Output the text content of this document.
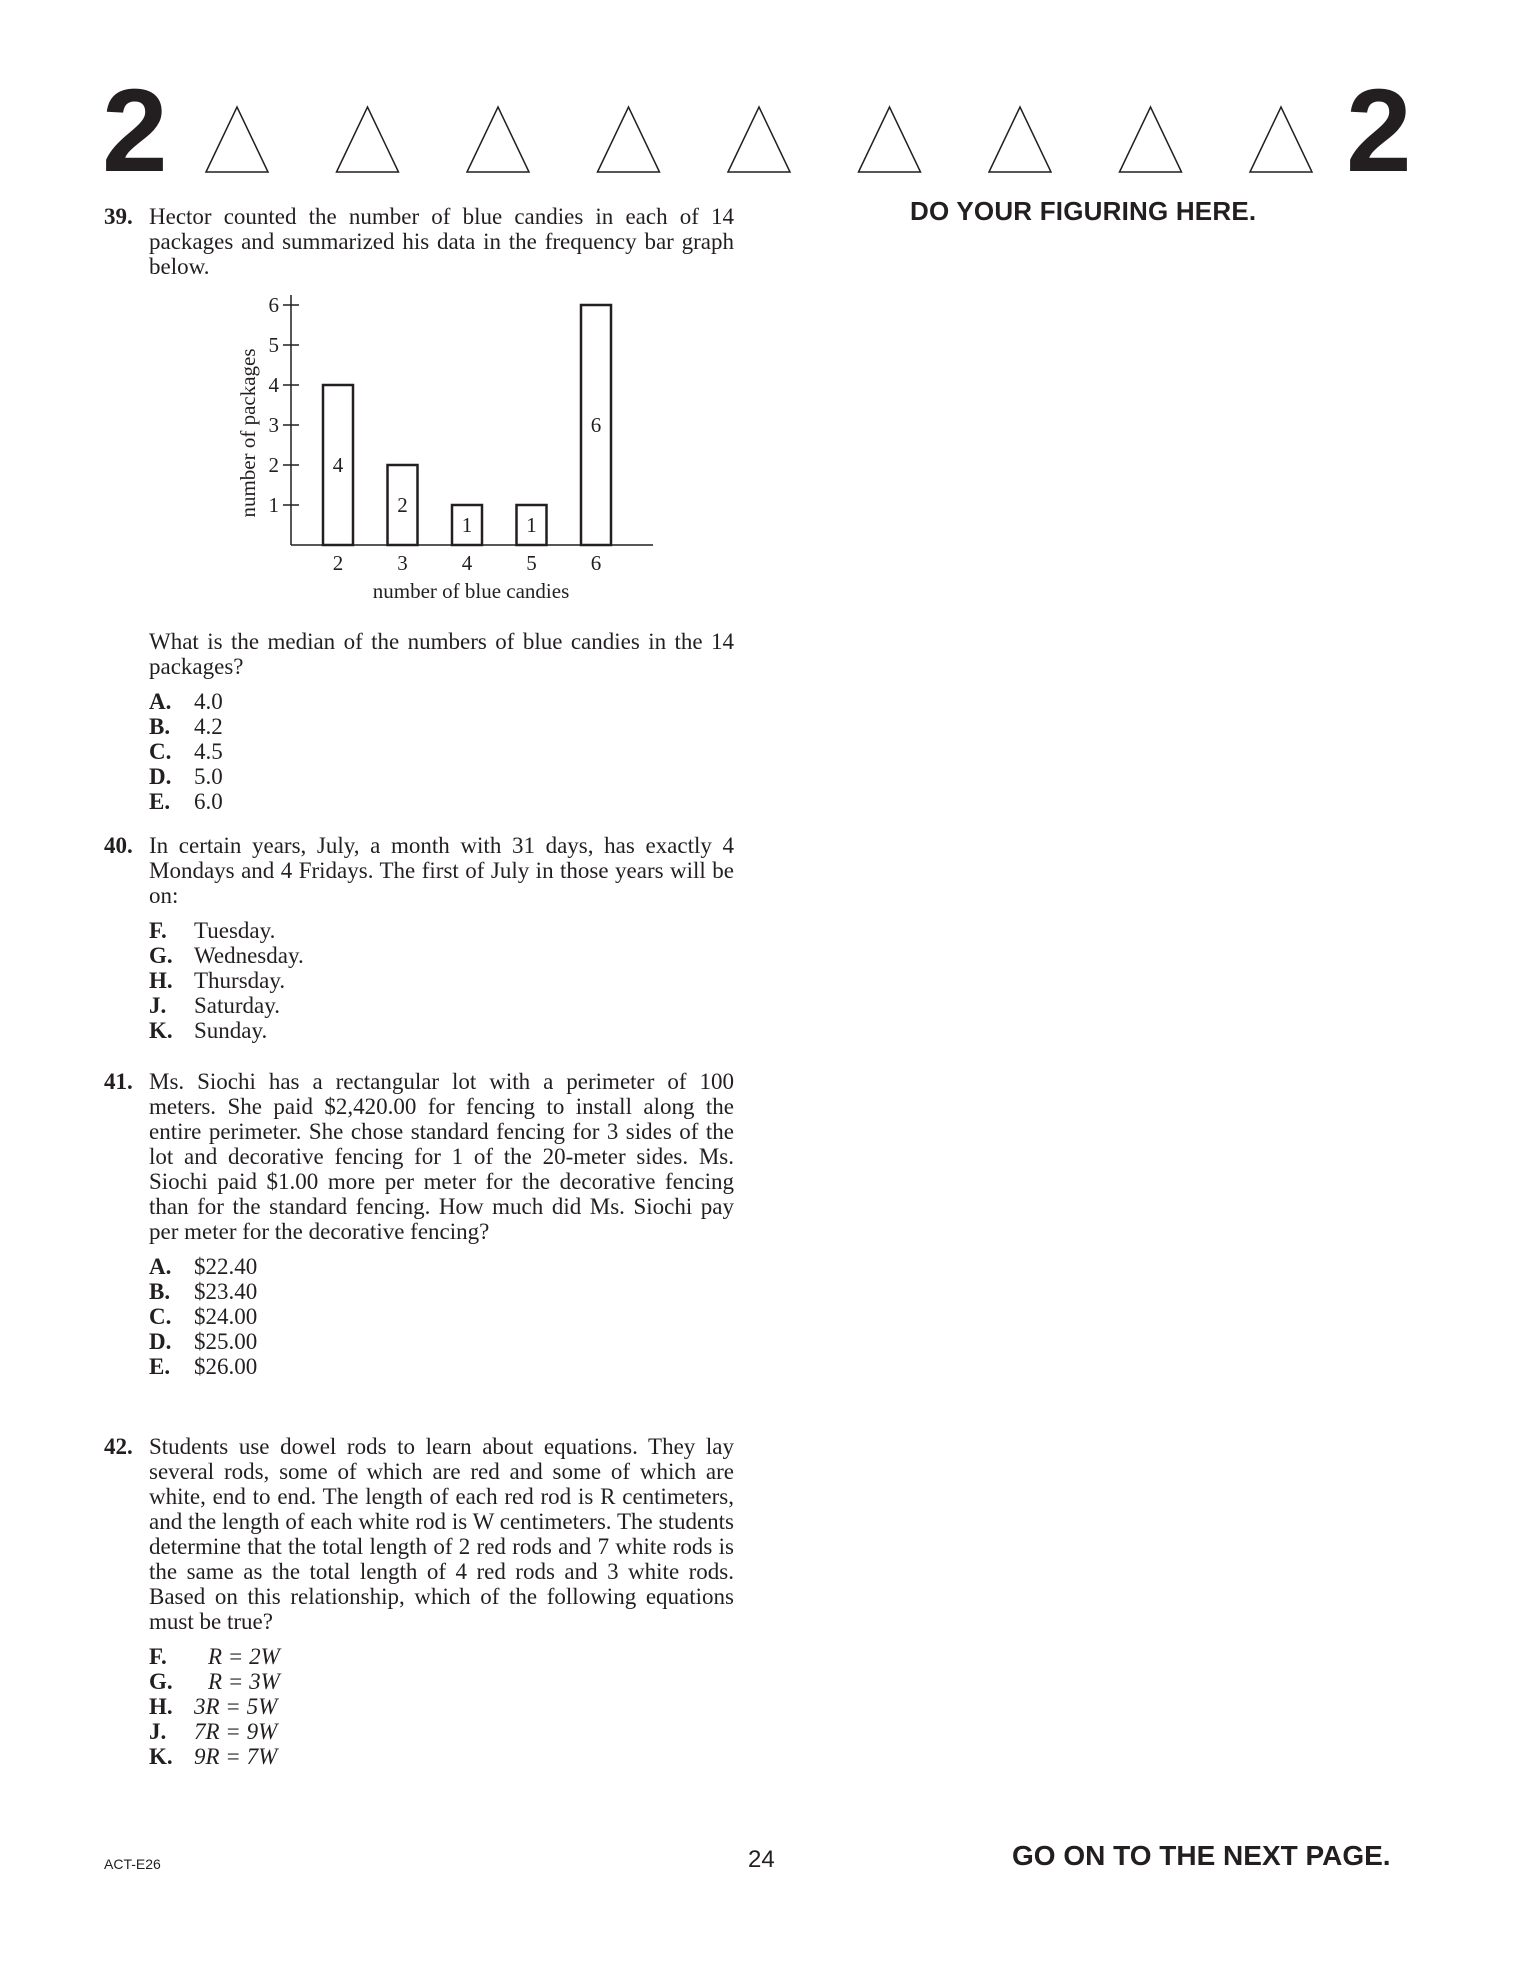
2	2
DO YOUR FIGURING HERE.
39. Hector counted the number of blue candies in each of 14 packages and summarized his data in the frequency bar graph below.

1
2
3
4
5
6
4
2
2
3
1
4
1
5
6
6
number of blue candies
number of packages
What is the median of the numbers of blue candies in the 14 packages?
A. 4.0
B. 4.2
C. 4.5
D. 5.0
E. 6.0
40. In certain years, July, a month with 31 days, has exactly 4 Mondays and 4 Fridays. The first of July in those years will be on:

F. Tuesday.
G. Wednesday.
H. Thursday.
J. Saturday.
K. Sunday.
41. Ms. Siochi has a rectangular lot with a perimeter of 100 meters. She paid $2,420.00 for fencing to install along the entire perimeter. She chose standard fencing for 3 sides of the lot and decorative fencing for 1 of the 20-meter sides. Ms. Siochi paid $1.00 more per meter for the decorative fencing than for the standard fencing. How much did Ms. Siochi pay per meter for the decorative fencing?

A. $22.40
B. $23.40
C. $24.00
D. $25.00
E. $26.00
42. Students use dowel rods to learn about equations. They lay several rods, some of which are red and some of which are white, end to end. The length of each red rod is R centimeters, and the length of each white rod is W centimeters. The students determine that the total length of 2 red rods and 7 white rods is the same as the total length of 4 red rods and 3 white rods. Based on this relationship, which of the following equations must be true?

F. R = 2W
G. R = 3W
H. 3R = 5W
J. 7R = 9W
K. 9R = 7W
ACT-E26	24	GO ON TO THE NEXT PAGE.
